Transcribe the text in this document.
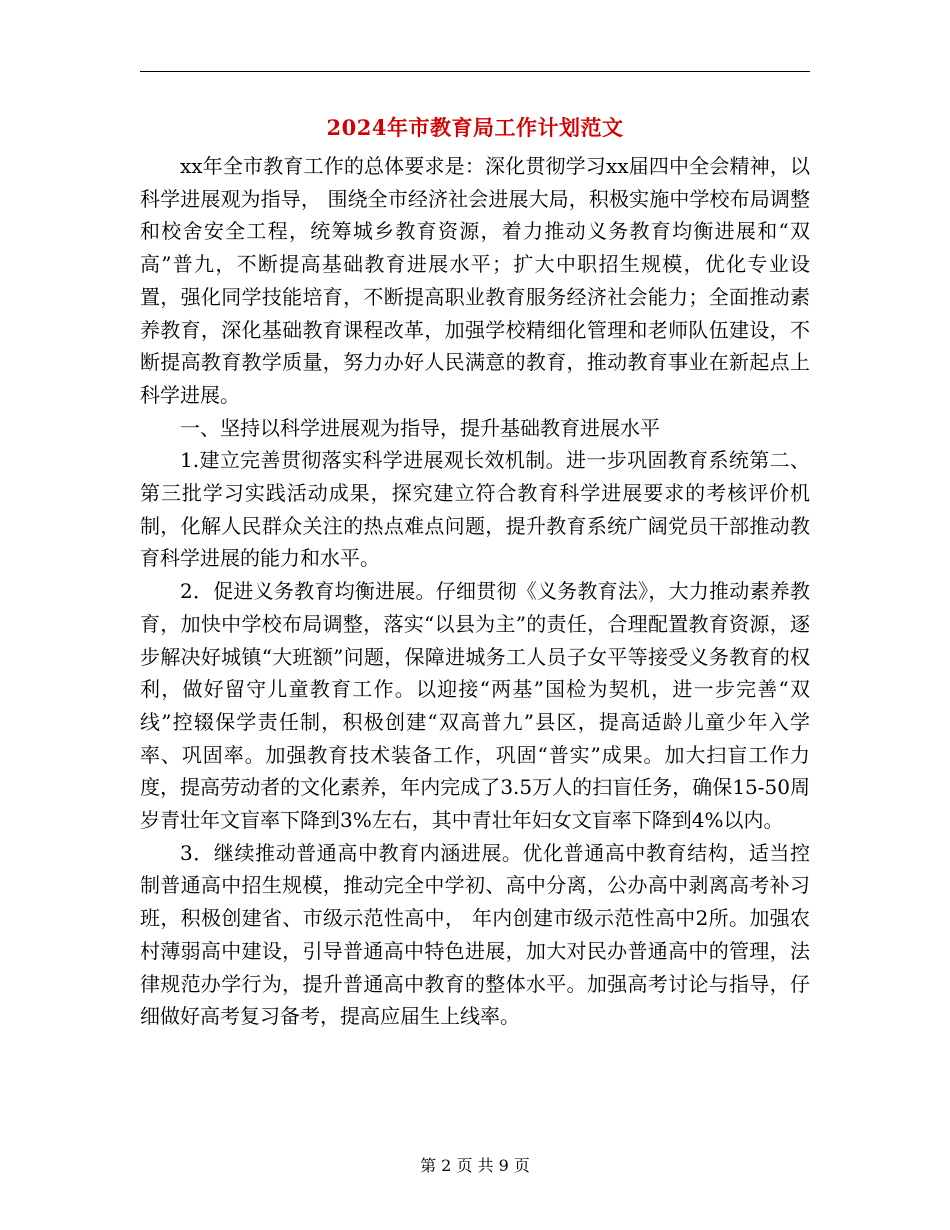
2024年市教育局工作计划范文

xx年全市教育工作的总体要求是：深化贯彻学习xx届四中全会精神，以科学进展观为指导， 围绕全市经济社会进展大局，积极实施中学校布局调整和校舍安全工程，统筹城乡教育资源，着力推动义务教育均衡进展和“双高”普九，不断提高基础教育进展水平；扩大中职招生规模，优化专业设置，强化同学技能培育，不断提高职业教育服务经济社会能力；全面推动素养教育，深化基础教育课程改革，加强学校精细化管理和老师队伍建设，不断提高教育教学质量，努力办好人民满意的教育，推动教育事业在新起点上科学进展。

一、坚持以科学进展观为指导，提升基础教育进展水平

1.建立完善贯彻落实科学进展观长效机制。进一步巩固教育系统第二、第三批学习实践活动成果，探究建立符合教育科学进展要求的考核评价机制，化解人民群众关注的热点难点问题，提升教育系统广阔党员干部推动教育科学进展的能力和水平。

2．促进义务教育均衡进展。仔细贯彻《义务教育法》，大力推动素养教育，加快中学校布局调整，落实“以县为主”的责任，合理配置教育资源，逐步解决好城镇“大班额”问题，保障进城务工人员子女平等接受义务教育的权利，做好留守儿童教育工作。以迎接“两基”国检为契机，进一步完善“双线”控辍保学责任制，积极创建“双高普九”县区，提高适龄儿童少年入学率、巩固率。加强教育技术装备工作，巩固“普实”成果。加大扫盲工作力度，提高劳动者的文化素养，年内完成了3.5万人的扫盲任务，确保15-50周岁青壮年文盲率下降到3%左右，其中青壮年妇女文盲率下降到4%以内。

3．继续推动普通高中教育内涵进展。优化普通高中教育结构，适当控制普通高中招生规模，推动完全中学初、高中分离，公办高中剥离高考补习班，积极创建省、市级示范性高中， 年内创建市级示范性高中2所。加强农村薄弱高中建设，引导普通高中特色进展，加大对民办普通高中的管理，法律规范办学行为，提升普通高中教育的整体水平。加强高考讨论与指导，仔细做好高考复习备考，提高应届生上线率。

第 2 页 共 9 页
